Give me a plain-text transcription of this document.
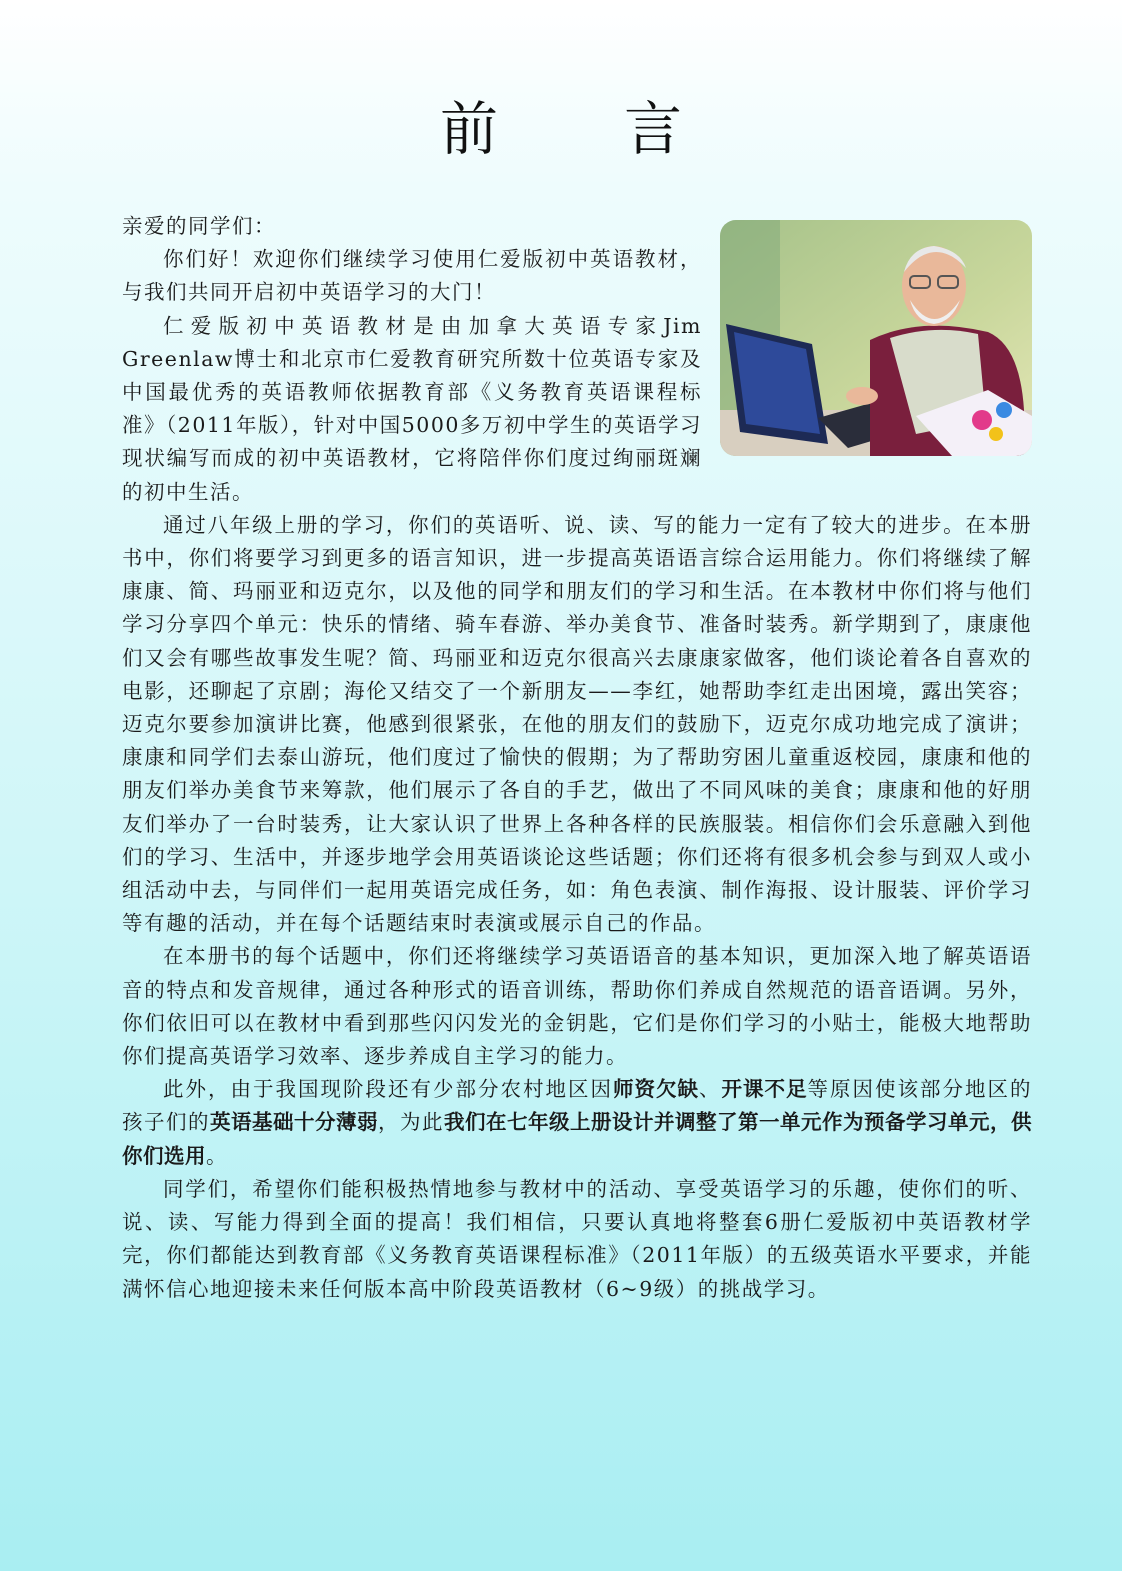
前　言

亲爱的同学们：

你们好！欢迎你们继续学习使用仁爱版初中英语教材，与我们共同开启初中英语学习的大门！

仁爱版初中英语教材是由加拿大英语专家Jim Greenlaw博士和北京市仁爱教育研究所数十位英语专家及中国最优秀的英语教师依据教育部《义务教育英语课程标准》（2011年版），针对中国5000多万初中学生的英语学习现状编写而成的初中英语教材，它将陪伴你们度过绚丽斑斓的初中生活。

通过八年级上册的学习，你们的英语听、说、读、写的能力一定有了较大的进步。在本册书中，你们将要学习到更多的语言知识，进一步提高英语语言综合运用能力。你们将继续了解康康、简、玛丽亚和迈克尔，以及他的同学和朋友们的学习和生活。在本教材中你们将与他们学习分享四个单元：快乐的情绪、骑车春游、举办美食节、准备时装秀。新学期到了，康康他们又会有哪些故事发生呢？简、玛丽亚和迈克尔很高兴去康康家做客，他们谈论着各自喜欢的电影，还聊起了京剧；海伦又结交了一个新朋友——李红，她帮助李红走出困境，露出笑容；迈克尔要参加演讲比赛，他感到很紧张，在他的朋友们的鼓励下，迈克尔成功地完成了演讲；康康和同学们去泰山游玩，他们度过了愉快的假期；为了帮助穷困儿童重返校园，康康和他的朋友们举办美食节来筹款，他们展示了各自的手艺，做出了不同风味的美食；康康和他的好朋友们举办了一台时装秀，让大家认识了世界上各种各样的民族服装。相信你们会乐意融入到他们的学习、生活中，并逐步地学会用英语谈论这些话题；你们还将有很多机会参与到双人或小组活动中去，与同伴们一起用英语完成任务，如：角色表演、制作海报、设计服装、评价学习等有趣的活动，并在每个话题结束时表演或展示自己的作品。

在本册书的每个话题中，你们还将继续学习英语语音的基本知识，更加深入地了解英语语音的特点和发音规律，通过各种形式的语音训练，帮助你们养成自然规范的语音语调。另外，你们依旧可以在教材中看到那些闪闪发光的金钥匙，它们是你们学习的小贴士，能极大地帮助你们提高英语学习效率、逐步养成自主学习的能力。

此外，由于我国现阶段还有少部分农村地区因师资欠缺、开课不足等原因使该部分地区的孩子们的英语基础十分薄弱，为此我们在七年级上册设计并调整了第一单元作为预备学习单元，供你们选用。

同学们，希望你们能积极热情地参与教材中的活动、享受英语学习的乐趣，使你们的听、说、读、写能力得到全面的提高！我们相信，只要认真地将整套6册仁爱版初中英语教材学完，你们都能达到教育部《义务教育英语课程标准》（2011年版）的五级英语水平要求，并能满怀信心地迎接未来任何版本高中阶段英语教材（6~9级）的挑战学习。
